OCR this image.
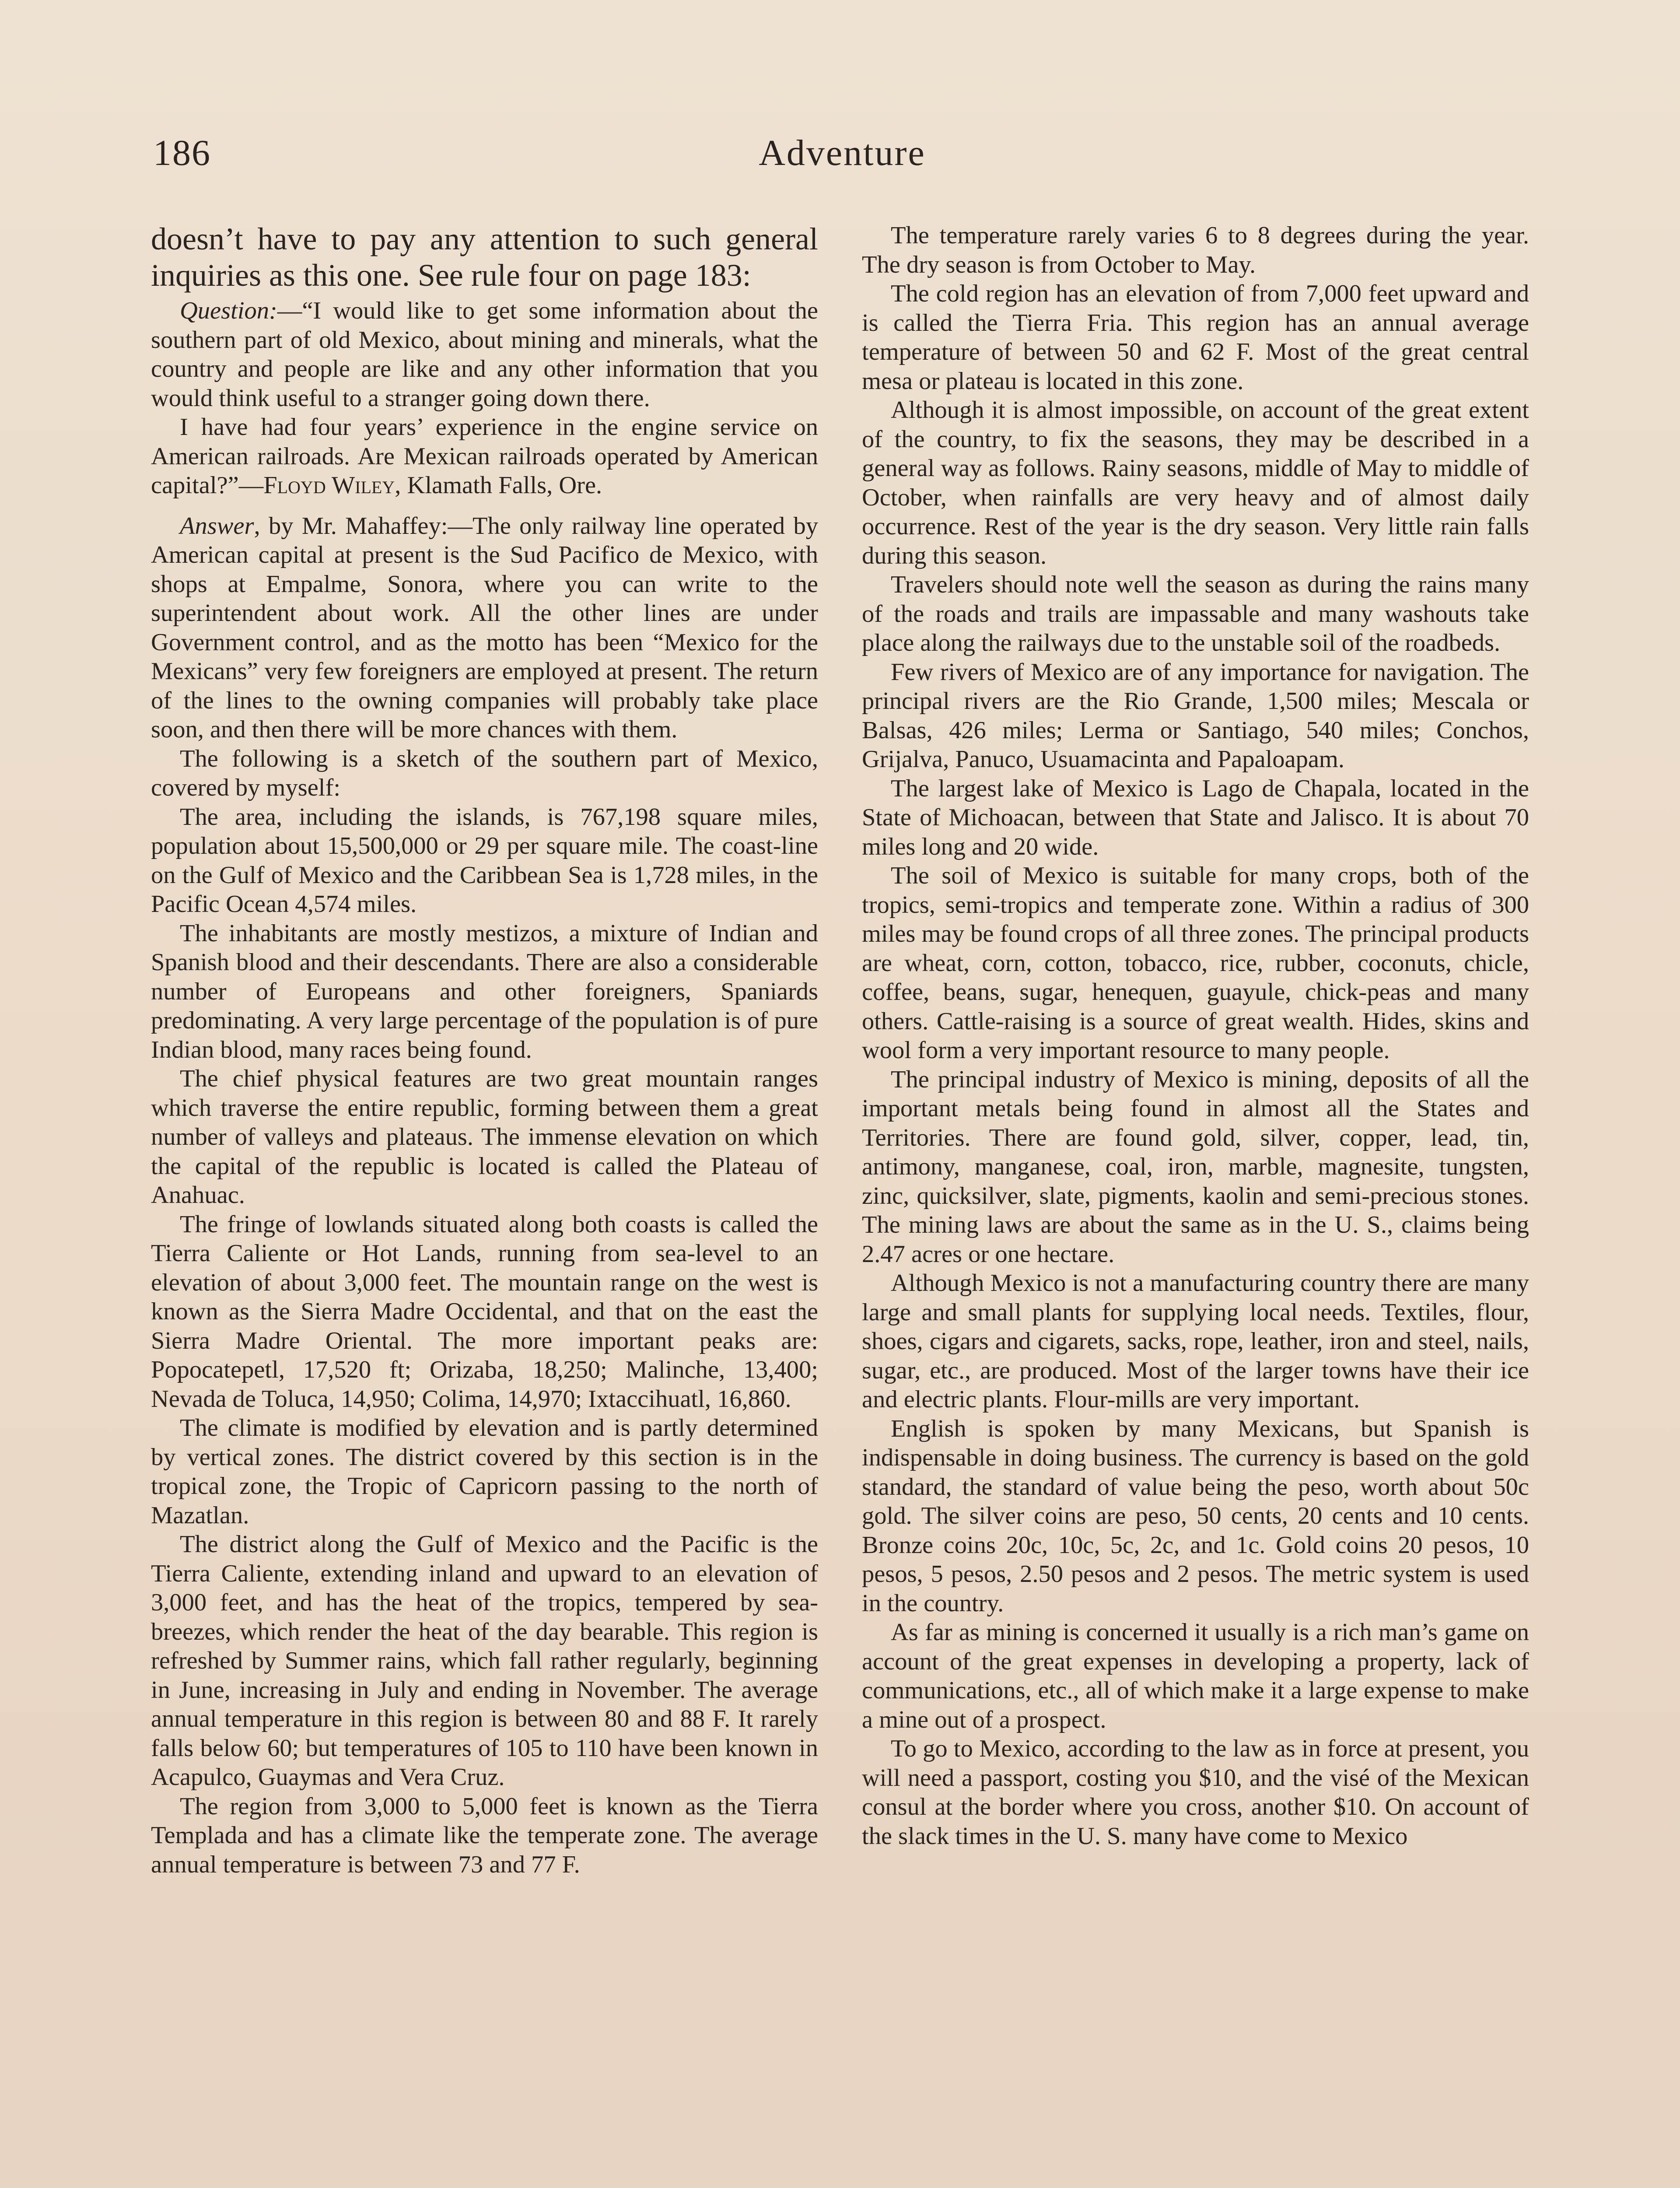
186	Adventure

doesn’t have to pay any attention to such general inquiries as this one. See rule four on page 183:

Question:—“I would like to get some information about the southern part of old Mexico, about mining and minerals, what the country and people are like and any other information that you would think useful to a stranger going down there.

I have had four years’ experience in the engine service on American railroads. Are Mexican railroads operated by American capital?”—Floyd Wiley, Klamath Falls, Ore.

Answer, by Mr. Mahaffey:—The only railway line operated by American capital at present is the Sud Pacifico de Mexico, with shops at Empalme, Sonora, where you can write to the superintendent about work. All the other lines are under Government control, and as the motto has been “Mexico for the Mexicans” very few foreigners are employed at present. The return of the lines to the owning companies will probably take place soon, and then there will be more chances with them.

The following is a sketch of the southern part of Mexico, covered by myself:

The area, including the islands, is 767,198 square miles, population about 15,500,000 or 29 per square mile. The coast-line on the Gulf of Mexico and the Caribbean Sea is 1,728 miles, in the Pacific Ocean 4,574 miles.

The inhabitants are mostly mestizos, a mixture of Indian and Spanish blood and their descendants. There are also a considerable number of Europeans and other foreigners, Spaniards predominating. A very large percentage of the population is of pure Indian blood, many races being found.

The chief physical features are two great mountain ranges which traverse the entire republic, forming between them a great number of valleys and plateaus. The immense elevation on which the capital of the republic is located is called the Plateau of Anahuac.

The fringe of lowlands situated along both coasts is called the Tierra Caliente or Hot Lands, running from sea-level to an elevation of about 3,000 feet. The mountain range on the west is known as the Sierra Madre Occidental, and that on the east the Sierra Madre Oriental. The more important peaks are: Popocatepetl, 17,520 ft; Orizaba, 18,250; Malinche, 13,400; Nevada de Toluca, 14,950; Colima, 14,970; Ixtaccihuatl, 16,860.

The climate is modified by elevation and is partly determined by vertical zones. The district covered by this section is in the tropical zone, the Tropic of Capricorn passing to the north of Mazatlan.

The district along the Gulf of Mexico and the Pacific is the Tierra Caliente, extending inland and upward to an elevation of 3,000 feet, and has the heat of the tropics, tempered by sea-breezes, which render the heat of the day bearable. This region is refreshed by Summer rains, which fall rather regularly, beginning in June, increasing in July and ending in November. The average annual temperature in this region is between 80 and 88 F. It rarely falls below 60; but temperatures of 105 to 110 have been known in Acapulco, Guaymas and Vera Cruz.

The region from 3,000 to 5,000 feet is known as the Tierra Templada and has a climate like the temperate zone. The average annual temperature is between 73 and 77 F.

The temperature rarely varies 6 to 8 degrees during the year. The dry season is from October to May.

The cold region has an elevation of from 7,000 feet upward and is called the Tierra Fria. This region has an annual average temperature of between 50 and 62 F. Most of the great central mesa or plateau is located in this zone.

Although it is almost impossible, on account of the great extent of the country, to fix the seasons, they may be described in a general way as follows. Rainy seasons, middle of May to middle of October, when rainfalls are very heavy and of almost daily occurrence. Rest of the year is the dry season. Very little rain falls during this season.

Travelers should note well the season as during the rains many of the roads and trails are impassable and many washouts take place along the railways due to the unstable soil of the roadbeds.

Few rivers of Mexico are of any importance for navigation. The principal rivers are the Rio Grande, 1,500 miles; Mescala or Balsas, 426 miles; Lerma or Santiago, 540 miles; Conchos, Grijalva, Panuco, Usuamacinta and Papaloapam.

The largest lake of Mexico is Lago de Chapala, located in the State of Michoacan, between that State and Jalisco. It is about 70 miles long and 20 wide.

The soil of Mexico is suitable for many crops, both of the tropics, semi-tropics and temperate zone. Within a radius of 300 miles may be found crops of all three zones. The principal products are wheat, corn, cotton, tobacco, rice, rubber, coconuts, chicle, coffee, beans, sugar, henequen, guayule, chick-peas and many others. Cattle-raising is a source of great wealth. Hides, skins and wool form a very important resource to many people.

The principal industry of Mexico is mining, deposits of all the important metals being found in almost all the States and Territories. There are found gold, silver, copper, lead, tin, antimony, manganese, coal, iron, marble, magnesite, tungsten, zinc, quicksilver, slate, pigments, kaolin and semi-precious stones. The mining laws are about the same as in the U. S., claims being 2.47 acres or one hectare.

Although Mexico is not a manufacturing country there are many large and small plants for supplying local needs. Textiles, flour, shoes, cigars and cigarets, sacks, rope, leather, iron and steel, nails, sugar, etc., are produced. Most of the larger towns have their ice and electric plants. Flour-mills are very important.

English is spoken by many Mexicans, but Spanish is indispensable in doing business. The currency is based on the gold standard, the standard of value being the peso, worth about 50c gold. The silver coins are peso, 50 cents, 20 cents and 10 cents. Bronze coins 20c, 10c, 5c, 2c, and 1c. Gold coins 20 pesos, 10 pesos, 5 pesos, 2.50 pesos and 2 pesos. The metric system is used in the country.

As far as mining is concerned it usually is a rich man’s game on account of the great expenses in developing a property, lack of communications, etc., all of which make it a large expense to make a mine out of a prospect.

To go to Mexico, according to the law as in force at present, you will need a passport, costing you $10, and the visé of the Mexican consul at the border where you cross, another $10. On account of the slack times in the U. S. many have come to Mexico
